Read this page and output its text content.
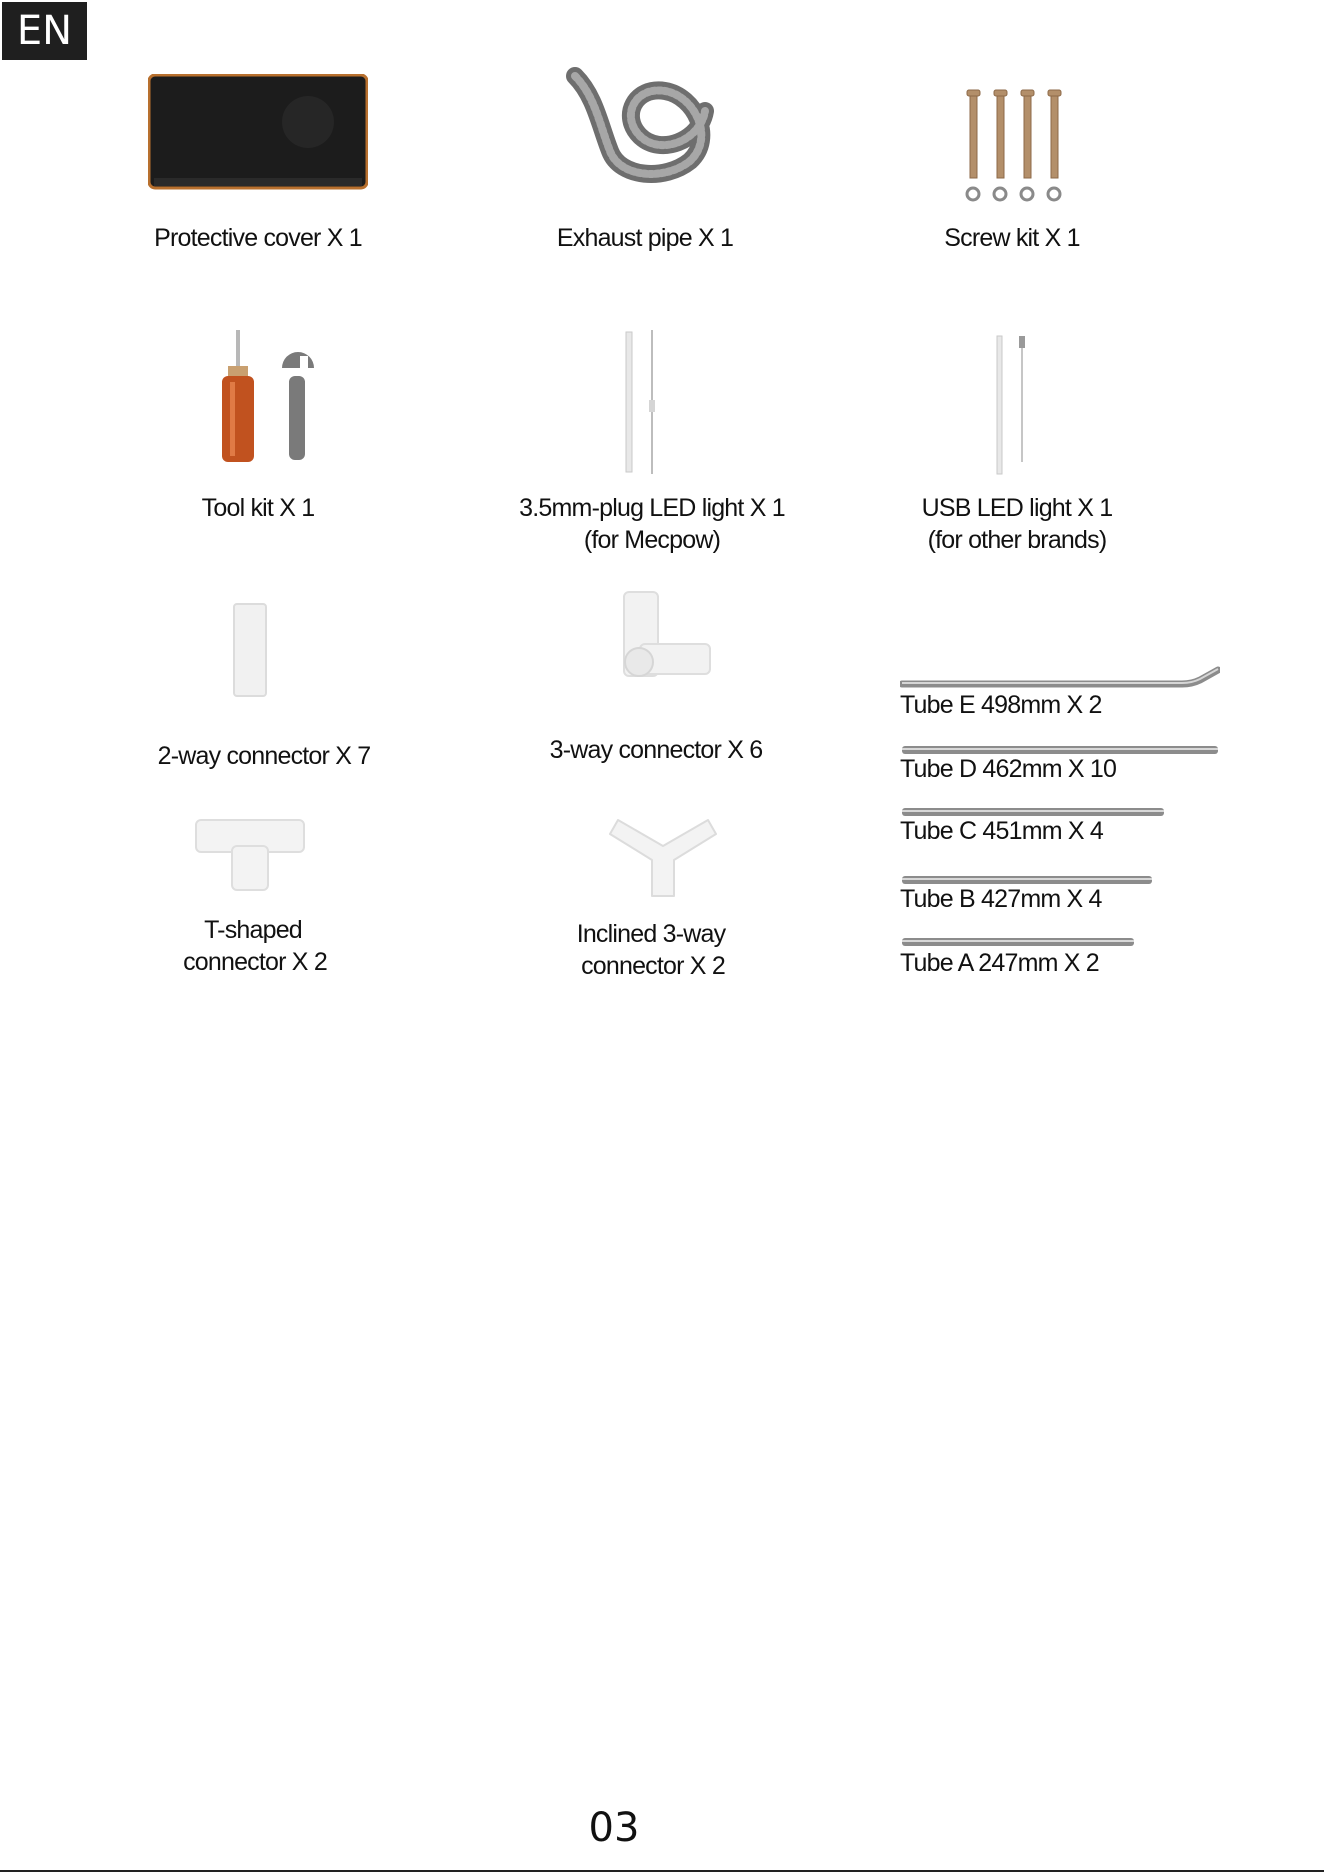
EN
Protective cover X 1	Exhaust pipe X 1	Screw kit X 1
Tool kit X 1	3.5mm-plug LED light X 1
(for Mecpow)
USB LED light X 1
(for other brands)
2-way connector X 7	3-way connector X 6
T-shaped
connector X 2
Inclined 3-way
connector X 2
Tube E 498mm X 2
Tube D 462mm X 10
Tube C 451mm X 4
Tube B 427mm X 4
Tube A 247mm X 2
03
